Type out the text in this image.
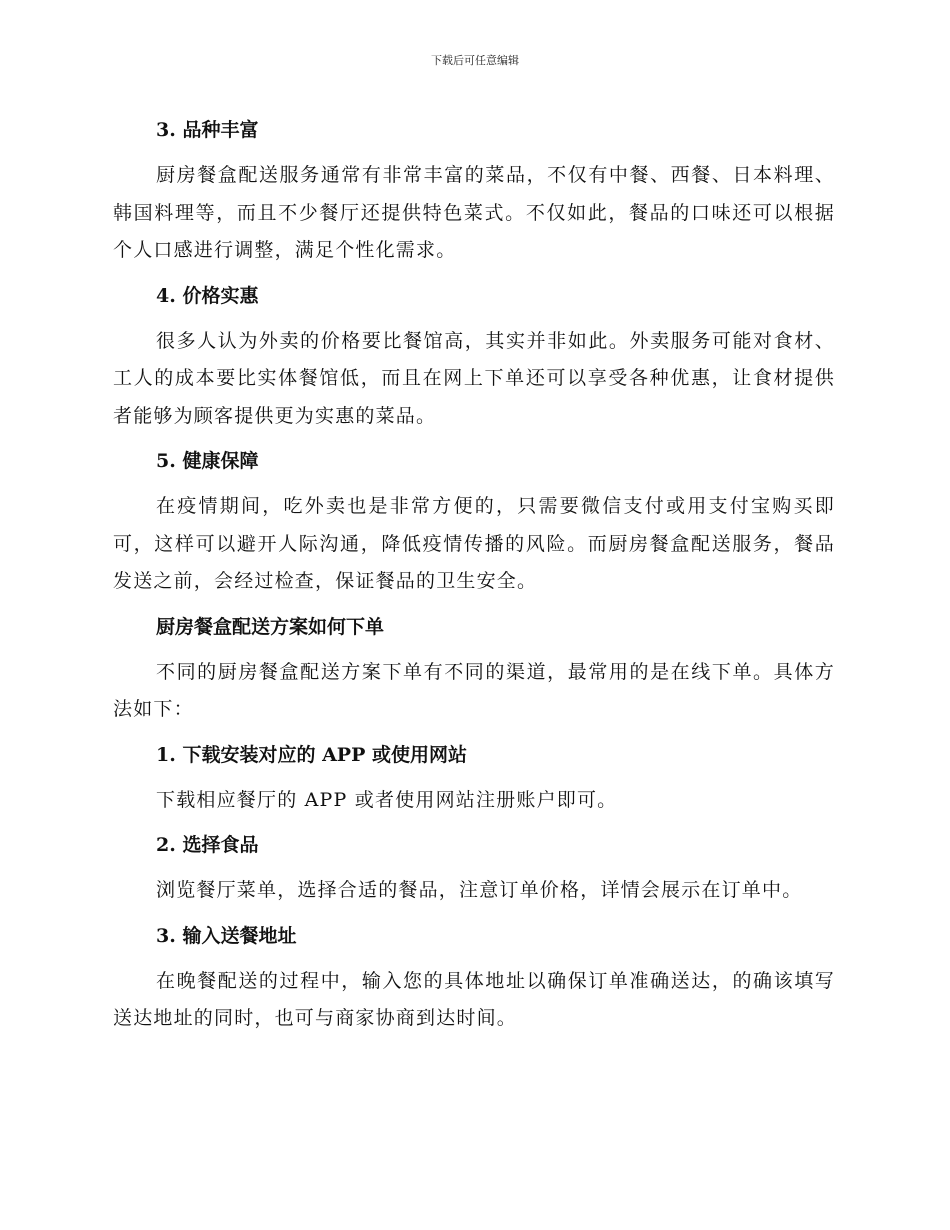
下载后可任意编辑

3. 品种丰富

厨房餐盒配送服务通常有非常丰富的菜品，不仅有中餐、西餐、日本料理、韩国料理等，而且不少餐厅还提供特色菜式。不仅如此，餐品的口味还可以根据个人口感进行调整，满足个性化需求。

4. 价格实惠

很多人认为外卖的价格要比餐馆高，其实并非如此。外卖服务可能对食材、工人的成本要比实体餐馆低，而且在网上下单还可以享受各种优惠，让食材提供者能够为顾客提供更为实惠的菜品。

5. 健康保障

在疫情期间，吃外卖也是非常方便的，只需要微信支付或用支付宝购买即可，这样可以避开人际沟通，降低疫情传播的风险。而厨房餐盒配送服务，餐品发送之前，会经过检查，保证餐品的卫生安全。

厨房餐盒配送方案如何下单

不同的厨房餐盒配送方案下单有不同的渠道，最常用的是在线下单。具体方法如下：

1. 下载安装对应的 APP 或使用网站

下载相应餐厅的 APP 或者使用网站注册账户即可。

2. 选择食品

浏览餐厅菜单，选择合适的餐品，注意订单价格，详情会展示在订单中。

3. 输入送餐地址

在晚餐配送的过程中，输入您的具体地址以确保订单准确送达，的确该填写送达地址的同时，也可与商家协商到达时间。
